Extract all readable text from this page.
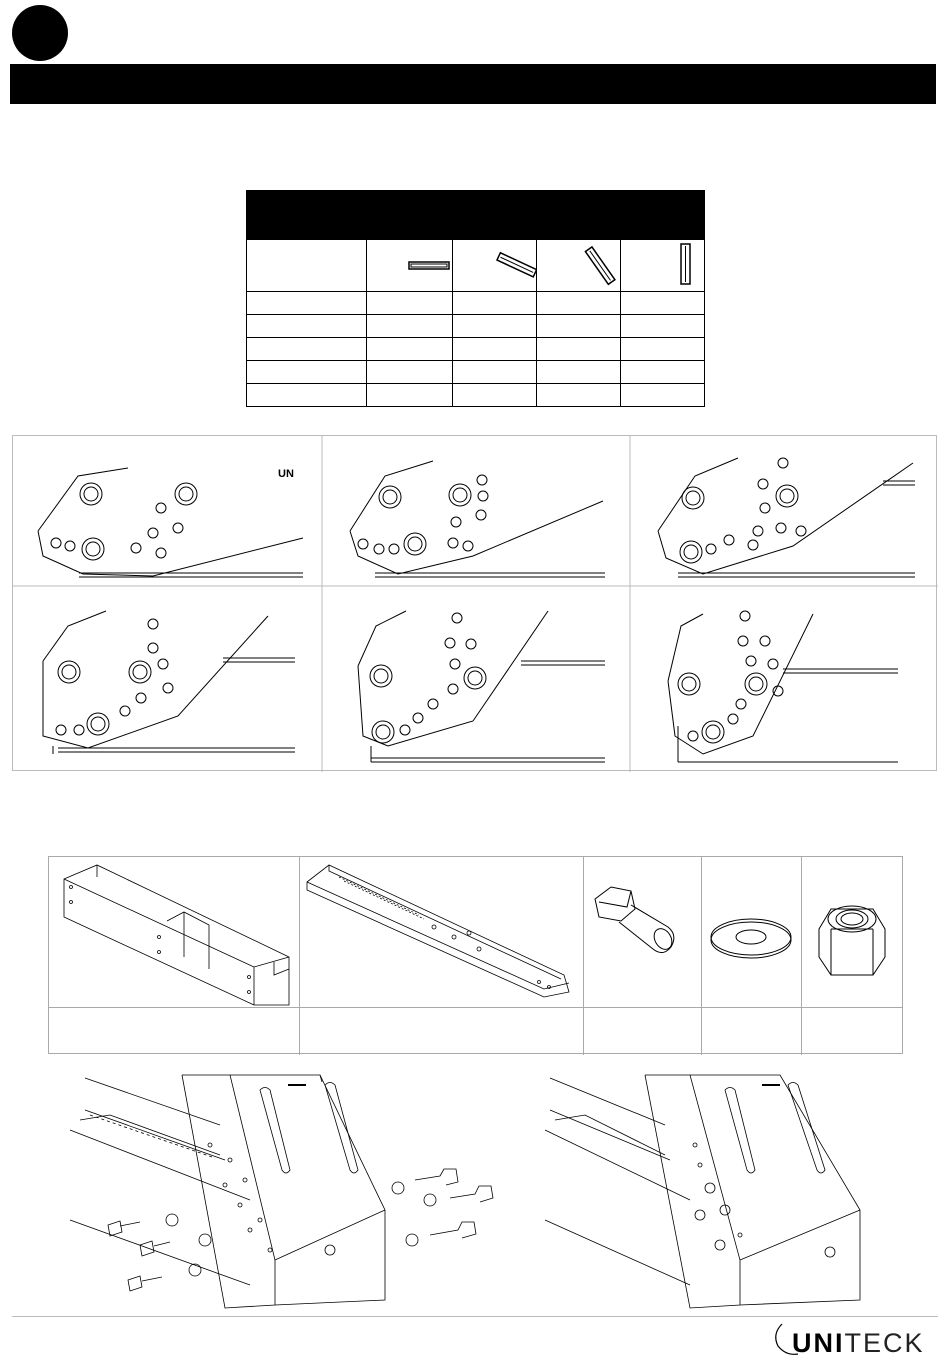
UN
UNITECK
